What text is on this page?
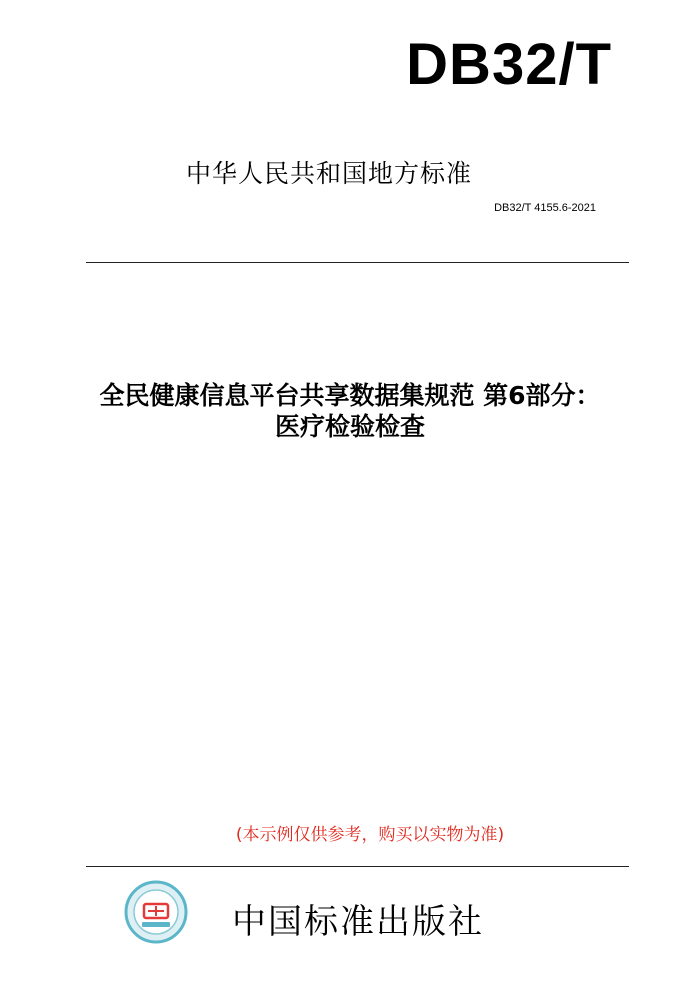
DB32/T
中华人民共和国地方标准
DB32/T 4155.6-2021
全民健康信息平台共享数据集规范 第6部分：
医疗检验检查
(本示例仅供参考，购买以实物为准)
中国标准出版社
